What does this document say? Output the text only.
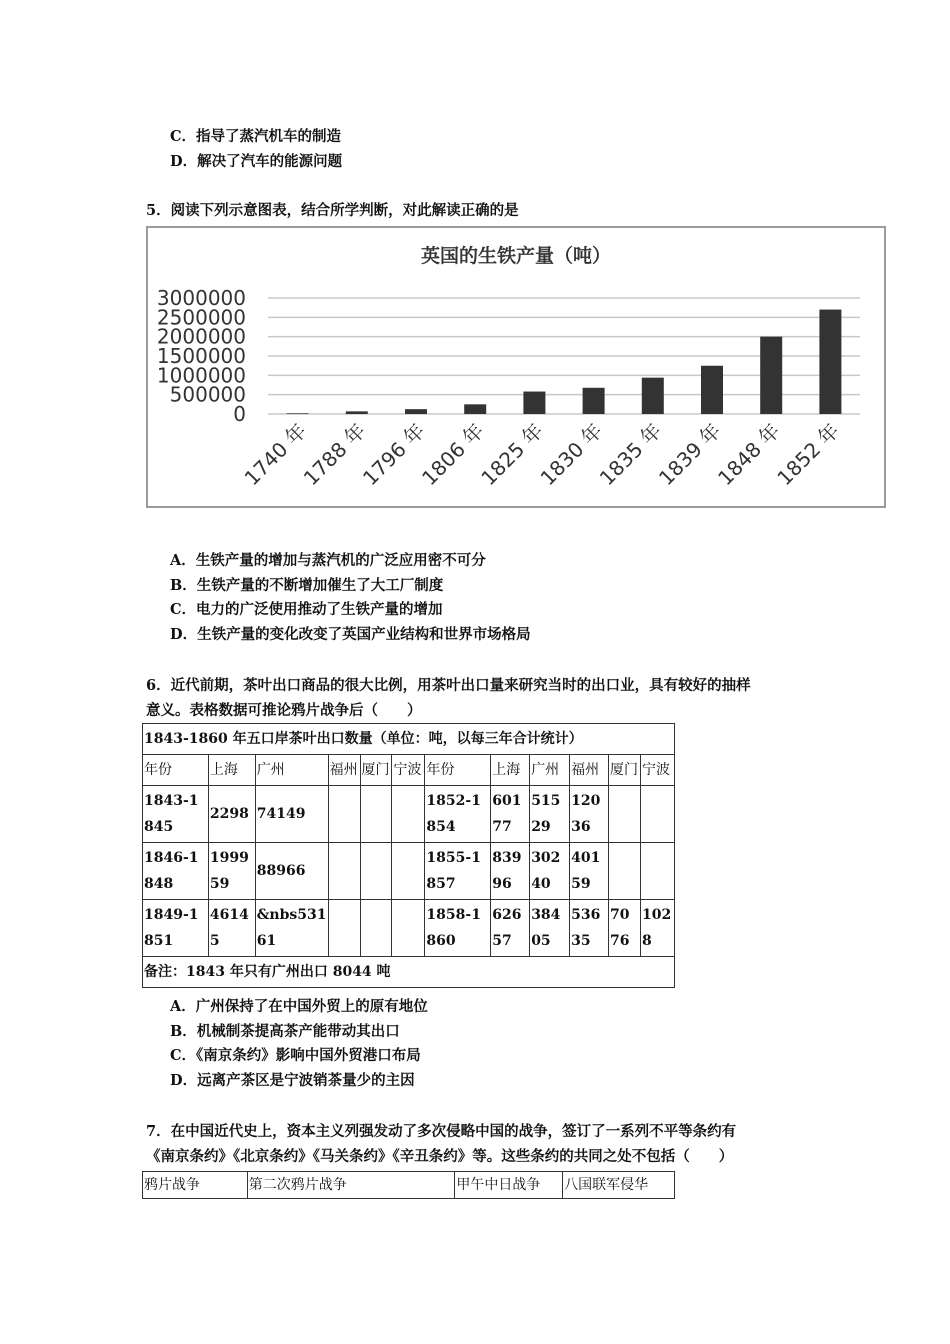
C．指导了蒸汽机车的制造
D．解决了汽车的能源问题
5．阅读下列示意图表，结合所学判断，对此解读正确的是
英国的生铁产量（吨）
3000000
2500000
2000000
1500000
1000000
500000
0
1740 年
1788 年
1796 年
1806 年
1825 年
1830 年
1835 年
1839 年
1848 年
1852 年
A．生铁产量的增加与蒸汽机的广泛应用密不可分
B．生铁产量的不断增加催生了大工厂制度
C．电力的广泛使用推动了生铁产量的增加
D．生铁产量的变化改变了英国产业结构和世界市场格局
6．近代前期，茶叶出口商品的很大比例，用茶叶出口量来研究当时的出口业，具有较好的抽样
意义。表格数据可推论鸦片战争后（　　）
1843-1860 年五口岸茶叶出口数量（单位：吨，以每三年合计统计）											
年份	上海	广州	福州	厦门	宁波	年份	上海	广州	福州	厦门	宁波
1843-1845	2298	74149				1852-1854	60177	51529	12036		
1846-1848	199959	88966				1855-1857	83996	30240	40159		
1849-1851	46145	&nbs53161				1858-1860	62657	38405	53635	7076	1028
备注：1843 年只有广州出口 8044 吨											
A．广州保持了在中国外贸上的原有地位
B．机械制茶提高茶产能带动其出口
C．《南京条约》影响中国外贸港口布局
D．远离产茶区是宁波销茶量少的主因
7．在中国近代史上，资本主义列强发动了多次侵略中国的战争，签订了一系列不平等条约有
《南京条约》《北京条约》《马关条约》《辛丑条约》等。这些条约的共同之处不包括（　　）
鸦片战争	第二次鸦片战争	甲午中日战争	八国联军侵华
